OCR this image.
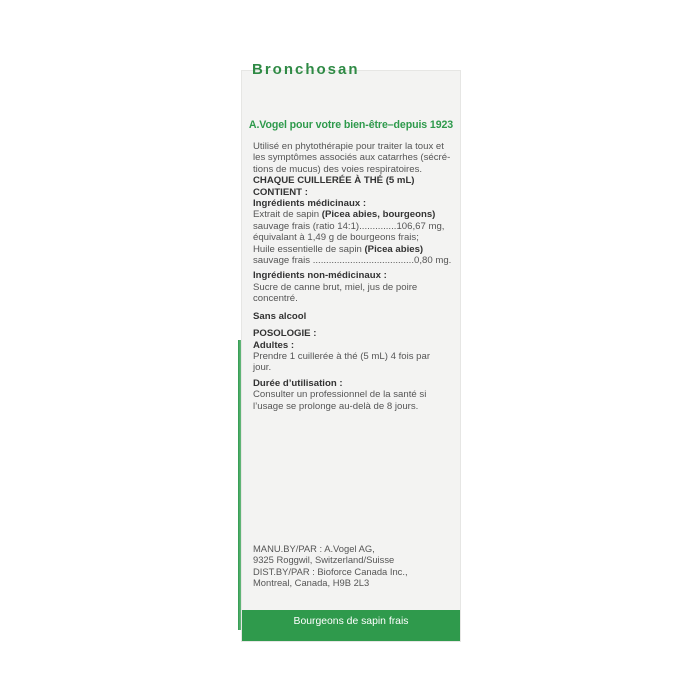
Bronchosan
A.Vogel pour votre bien-être–depuis 1923

Utilisé en phytothérapie pour traiter la toux et

les symptômes associés aux catarrhes (sécré-

tions de mucus) des voies respiratoires.

CHAQUE CUILLERÉE À THÉ (5 mL) CONTIENT :

Ingrédients médicinaux :

Extrait de sapin (Picea abies, bourgeons)

sauvage frais (ratio 14:1)..............106,67 mg,

équivalant à 1,49 g de bourgeons frais;

Huile essentielle de sapin (Picea abies)

sauvage frais ......................................0,80 mg.

Ingrédients non-médicinaux :

Sucre de canne brut, miel, jus de poire

concentré.

Sans alcool

POSOLOGIE :

Adultes :

Prendre 1 cuillerée à thé (5 mL) 4 fois par

jour.

Durée d’utilisation :

Consulter un professionnel de la santé si

l’usage se prolonge au-delà de 8 jours.

MANU.BY/PAR : A.Vogel AG,

9325 Roggwil, Switzerland/Suisse

DIST.BY/PAR : Bioforce Canada Inc.,

Montreal, Canada, H9B 2L3

Bourgeons de sapin frais
